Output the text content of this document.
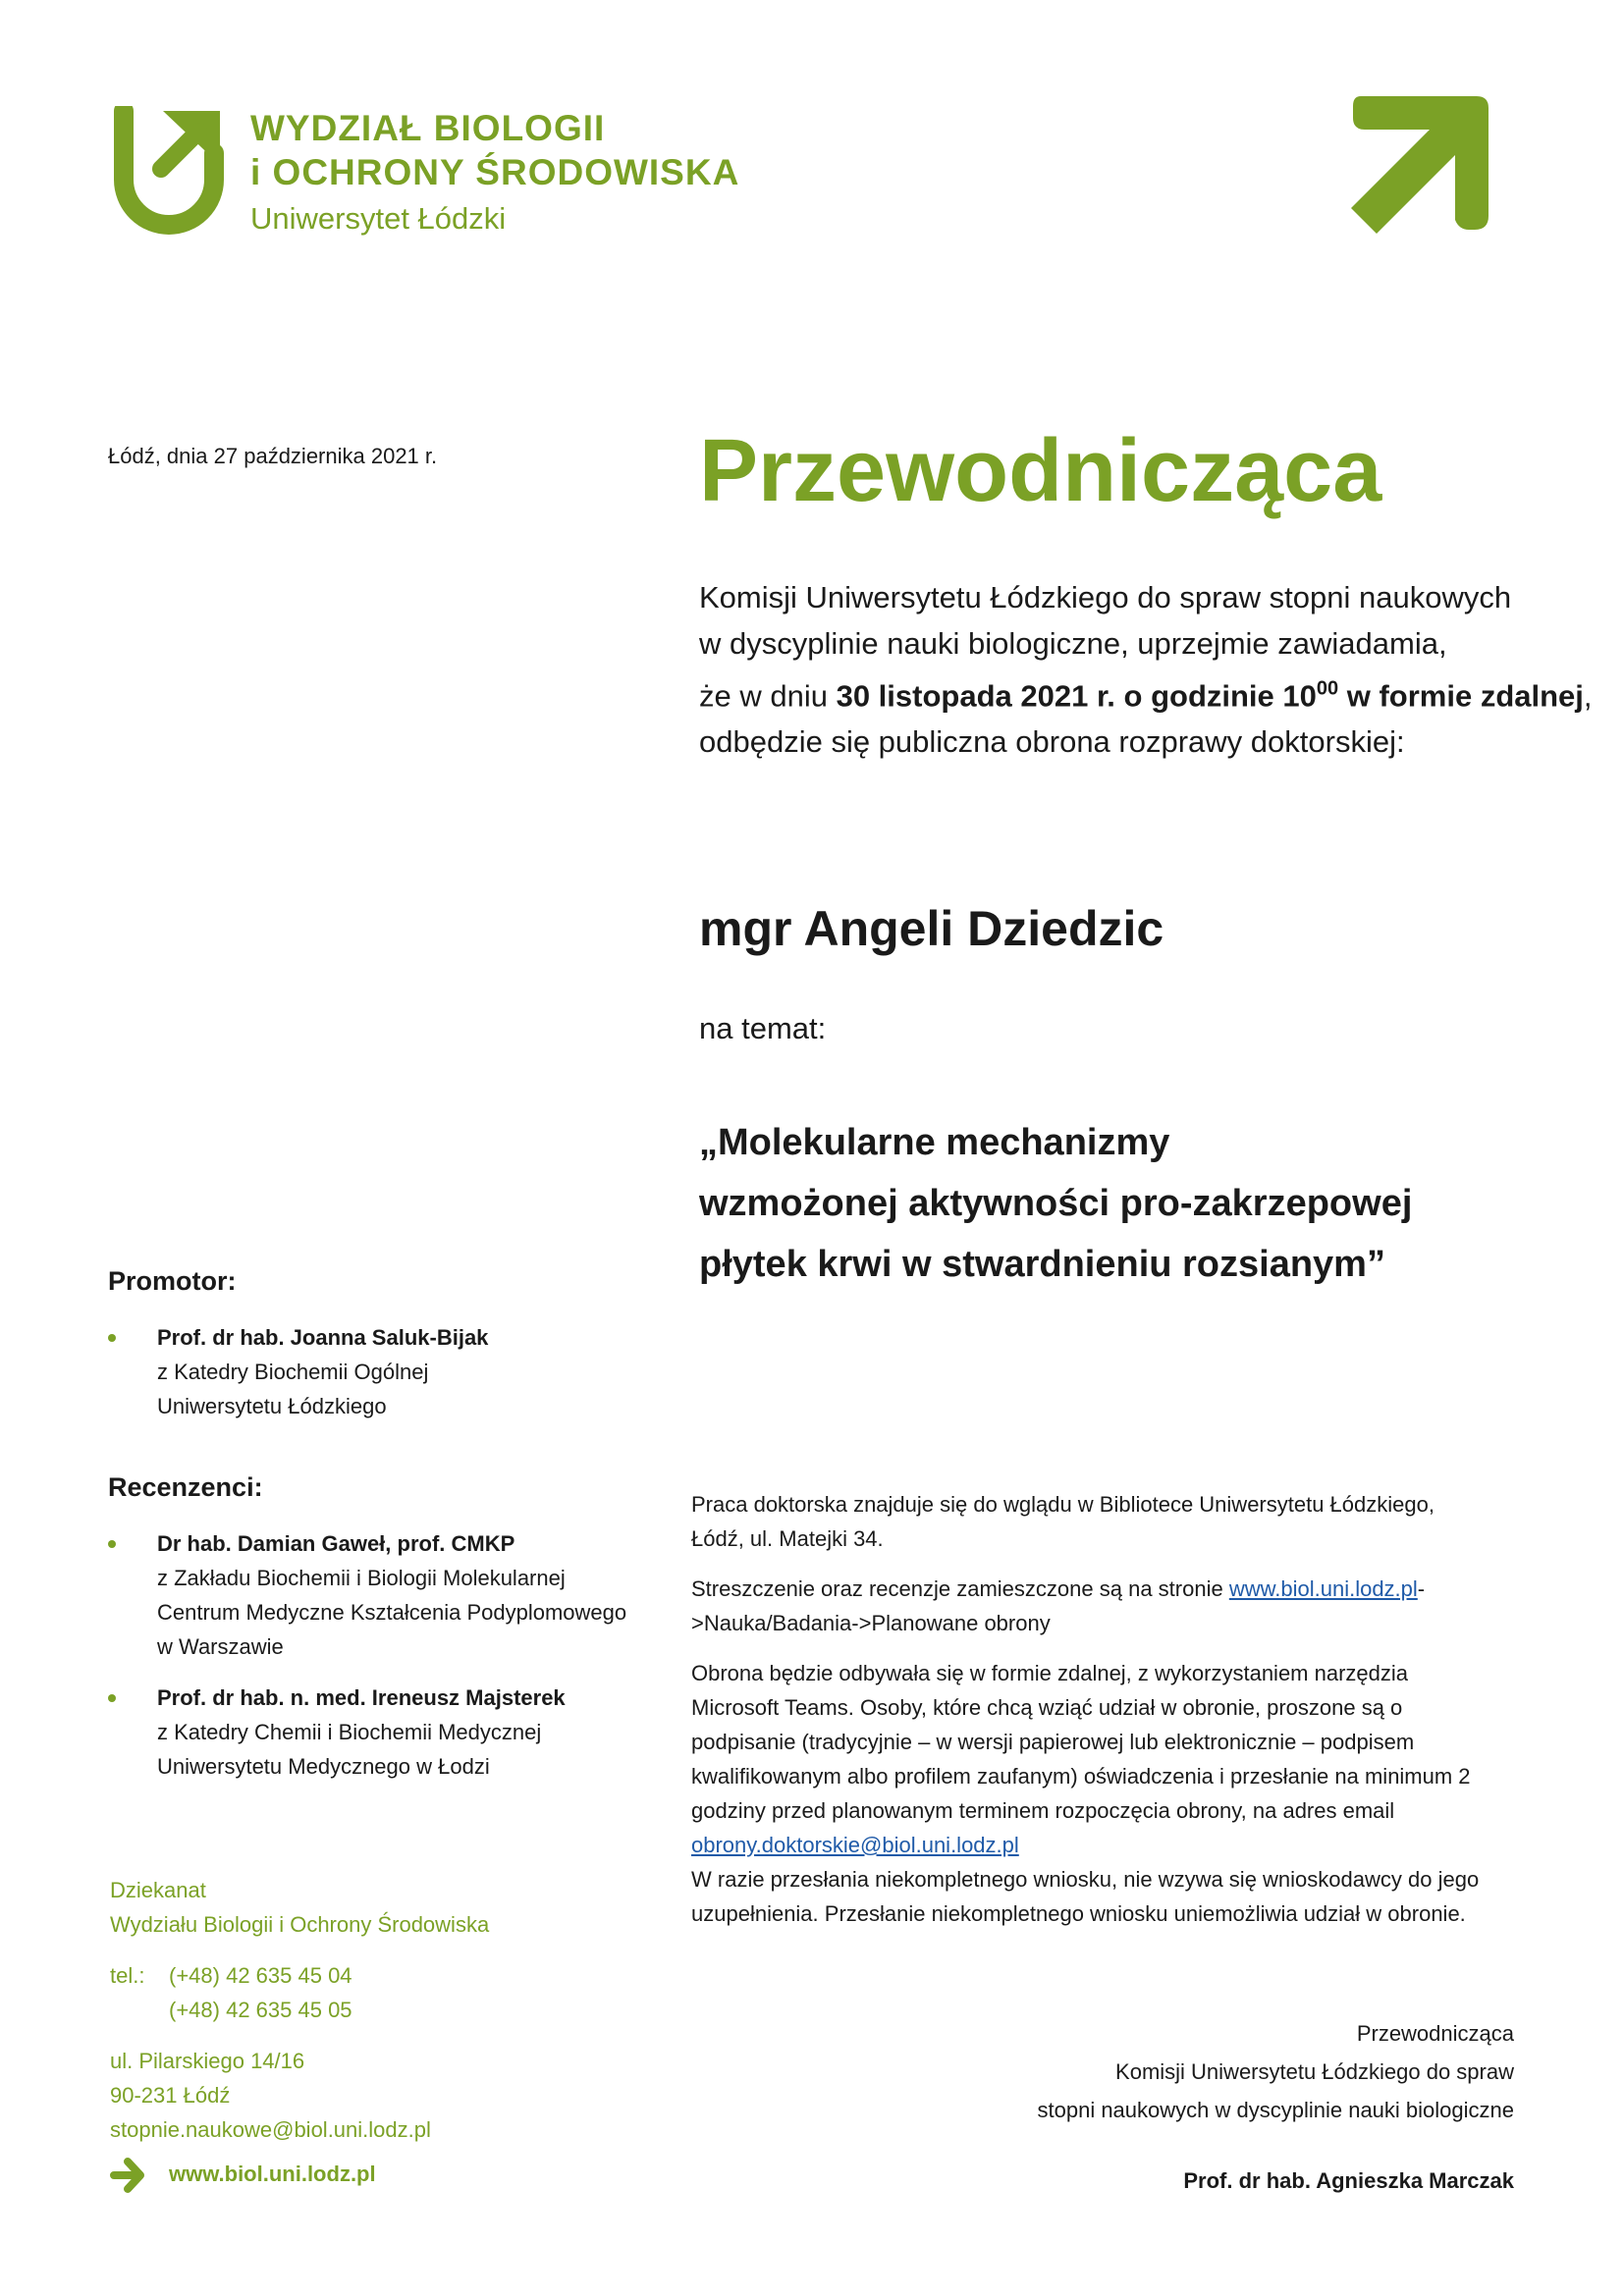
WYDZIAŁ BIOLOGII
i OCHRONY ŚRODOWISKA
Uniwersytet Łódzki
Łódź, dnia 27 października 2021 r.	Przewodnicząca

Komisji Uniwersytetu Łódzkiego do spraw stopni naukowych

w dyscyplinie nauki biologiczne, uprzejmie zawiadamia,

że w dniu 30 listopada 2021 r. o godzinie $10^{00}$ w formie zdalnej,

odbędzie się publiczna obrona rozprawy doktorskiej:

mgr Angeli Dziedzic
na temat:

„Molekularne mechanizmy

wzmożonej aktywności pro-zakrzepowej

płytek krwi w stwardnieniu rozsianym”

Promotor:

Prof. dr hab. Joanna Saluk-Bijak

z Katedry Biochemii Ogólnej

Uniwersytetu Łódzkiego

Recenzenci:

Dr hab. Damian Gaweł, prof. CMKP

z Zakładu Biochemii i Biologii Molekularnej

Centrum Medyczne Kształcenia Podyplomowego

w Warszawie

Prof. dr hab. n. med. Ireneusz Majsterek

z Katedry Chemii i Biochemii Medycznej

Uniwersytetu Medycznego w Łodzi

Praca doktorska znajduje się do wglądu w Bibliotece Uniwersytetu Łódzkiego, Łódź, ul. Matejki 34.

Streszczenie oraz recenzje zamieszczone są na stronie www.biol.uni.lodz.pl->Nauka/Badania->Planowane obrony

Obrona będzie odbywała się w formie zdalnej, z wykorzystaniem narzędzia Microsoft Teams. Osoby, które chcą wziąć udział w obronie, proszone są o podpisanie (tradycyjnie – w wersji papierowej lub elektronicznie – podpisem kwalifikowanym albo profilem zaufanym) oświadczenia i przesłanie na minimum 2 godziny przed planowanym terminem rozpoczęcia obrony, na adres email obrony.doktorskie@biol.uni.lodz.pl

W razie przesłania niekompletnego wniosku, nie wzywa się wnioskodawcy do jego uzupełnienia. Przesłanie niekompletnego wniosku uniemożliwia udział w obronie.

Dziekanat

Wydziału Biologii i Ochrony Środowiska

tel.: (+48) 42 635 45 04

(+48) 42 635 45 05

ul. Pilarskiego 14/16

90-231 Łódź

stopnie.naukowe@biol.uni.lodz.pl

Przewodnicząca

Komisji Uniwersytetu Łódzkiego do spraw

stopni naukowych w dyscyplinie nauki biologiczne

Prof. dr hab. Agnieszka Marczak

www.biol.uni.lodz.pl
